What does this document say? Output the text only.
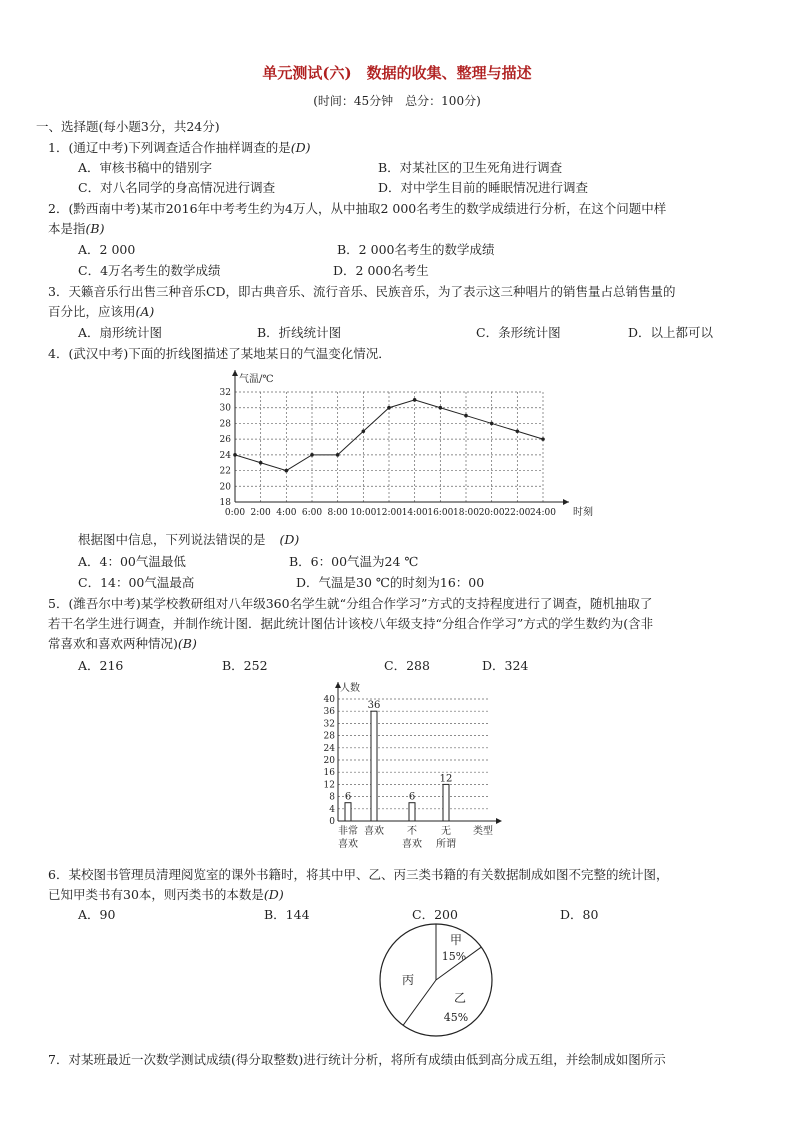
单元测试(六)　数据的收集、整理与描述
(时间：45分钟　总分：100分)
一、选择题(每小题3分，共24分)
1．(通辽中考)下列调查适合作抽样调查的是(D)
A．审核书稿中的错别字	B．对某社区的卫生死角进行调查
C．对八名同学的身高情况进行调查	D．对中学生目前的睡眠情况进行调查
2．(黔西南中考)某市2016年中考考生约为4万人，从中抽取2 000名考生的数学成绩进行分析，在这个问题中样
本是指(B)
A．2 000	B．2 000名考生的数学成绩
C．4万名考生的数学成绩	D．2 000名考生
3．天籁音乐行出售三种音乐CD，即古典音乐、流行音乐、民族音乐，为了表示这三种唱片的销售量占总销售量的
百分比，应该用(A)
A．扇形统计图	B．折线统计图	C．条形统计图	D．以上都可以
4．(武汉中考)下面的折线图描述了某地某日的气温变化情况．
18
20
22
24
26
28
30
32
气温/℃
时刻
0:00 2:00 4:00 6:00 8:00 10:00 12:00 14:00 16:00 18:00 20:00 22:00 24:00
根据图中信息，下列说法错误的是 (D)
A．4：00气温最低	B．6：00气温为24 ℃
C．14：00气温最高	D．气温是30 ℃的时刻为16：00
5．(潍吾尔中考)某学校教研组对八年级360名学生就“分组合作学习”方式的支持程度进行了调查，随机抽取了
若干名学生进行调查，并制作统计图．据此统计图估计该校八年级支持“分组合作学习”方式的学生数约为(含非
常喜欢和喜欢两种情况)(B)
A．216	B．252	C．288	D．324
0
4
8
12
16
20
24
28
32
36
40
人数
类型
6
非常
喜欢
36
喜欢
6
不
喜欢
12
无
所谓
6．某校图书管理员清理阅览室的课外书籍时，将其中甲、乙、丙三类书籍的有关数据制成如图不完整的统计图，
已知甲类书有30本，则丙类书的本数是(D)
A．90	B．144	C．200	D．80
甲
15%
乙
45%
丙
7．对某班最近一次数学测试成绩(得分取整数)进行统计分析，将所有成绩由低到高分成五组，并绘制成如图所示
